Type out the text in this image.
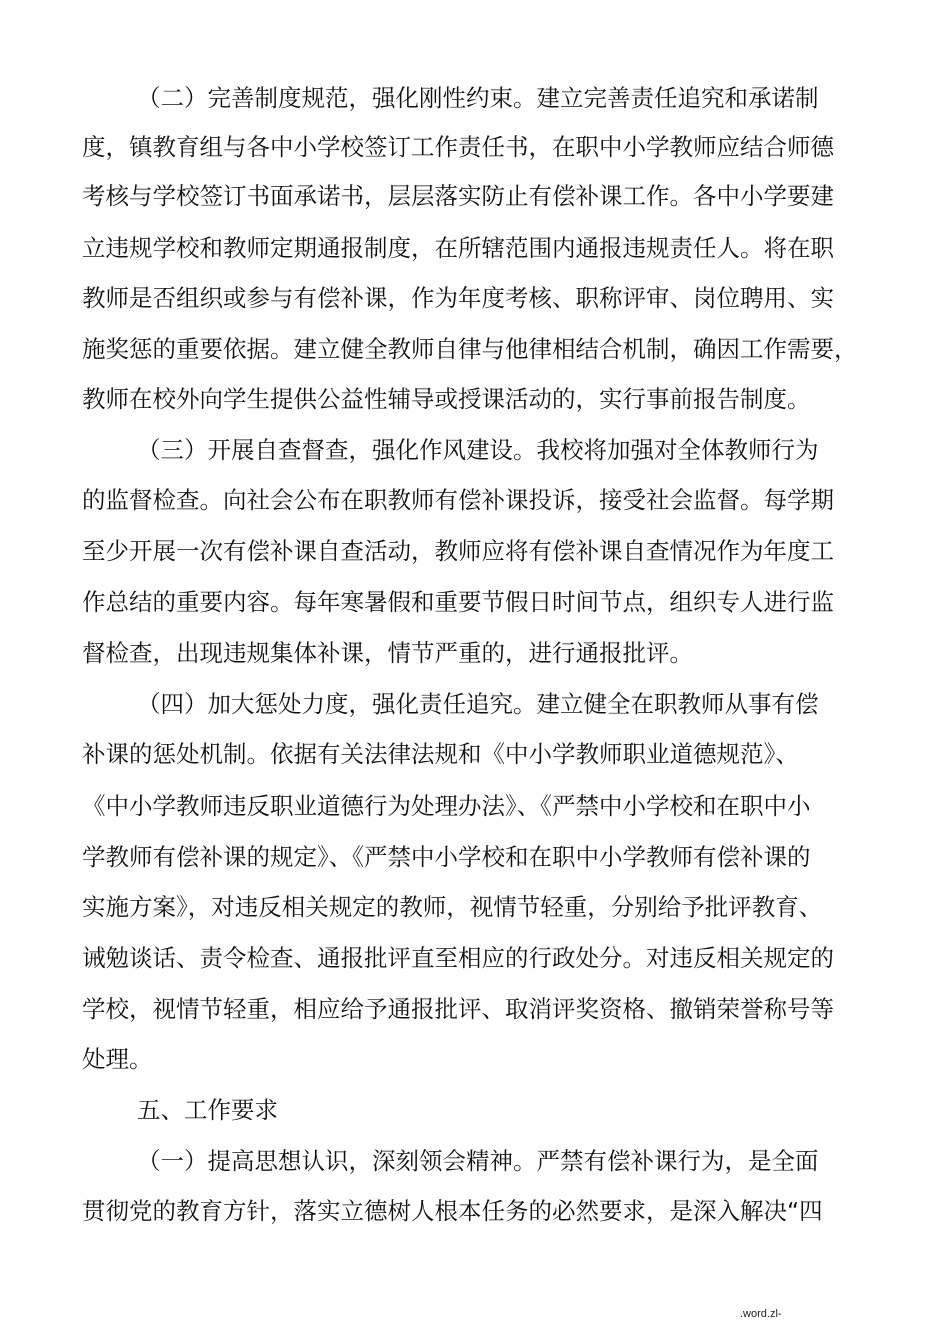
（二）完善制度规范，强化刚性约束。建立完善责任追究和承诺制
度，镇教育组与各中小学校签订工作责任书，在职中小学教师应结合师德
考核与学校签订书面承诺书，层层落实防止有偿补课工作。各中小学要建
立违规学校和教师定期通报制度，在所辖范围内通报违规责任人。将在职
教师是否组织或参与有偿补课，作为年度考核、职称评审、岗位聘用、实
施奖惩的重要依据。建立健全教师自律与他律相结合机制，确因工作需要，
教师在校外向学生提供公益性辅导或授课活动的，实行事前报告制度。
（三）开展自查督查，强化作风建设。我校将加强对全体教师行为
的监督检查。向社会公布在职教师有偿补课投诉，接受社会监督。每学期
至少开展一次有偿补课自查活动，教师应将有偿补课自查情况作为年度工
作总结的重要内容。每年寒暑假和重要节假日时间节点，组织专人进行监
督检查，出现违规集体补课，情节严重的，进行通报批评。
（四）加大惩处力度，强化责任追究。建立健全在职教师从事有偿
补课的惩处机制。依据有关法律法规和《中小学教师职业道德规范》、
《中小学教师违反职业道德行为处理办法》、《严禁中小学校和在职中小
学教师有偿补课的规定》、《严禁中小学校和在职中小学教师有偿补课的
实施方案》，对违反相关规定的教师，视情节轻重，分别给予批评教育、
诫勉谈话、责令检查、通报批评直至相应的行政处分。对违反相关规定的
学校，视情节轻重，相应给予通报批评、取消评奖资格、撤销荣誉称号等
处理。
五、工作要求
（一）提高思想认识，深刻领会精神。严禁有偿补课行为，是全面
贯彻党的教育方针，落实立德树人根本任务的必然要求，是深入解决“四
.word.zl-
